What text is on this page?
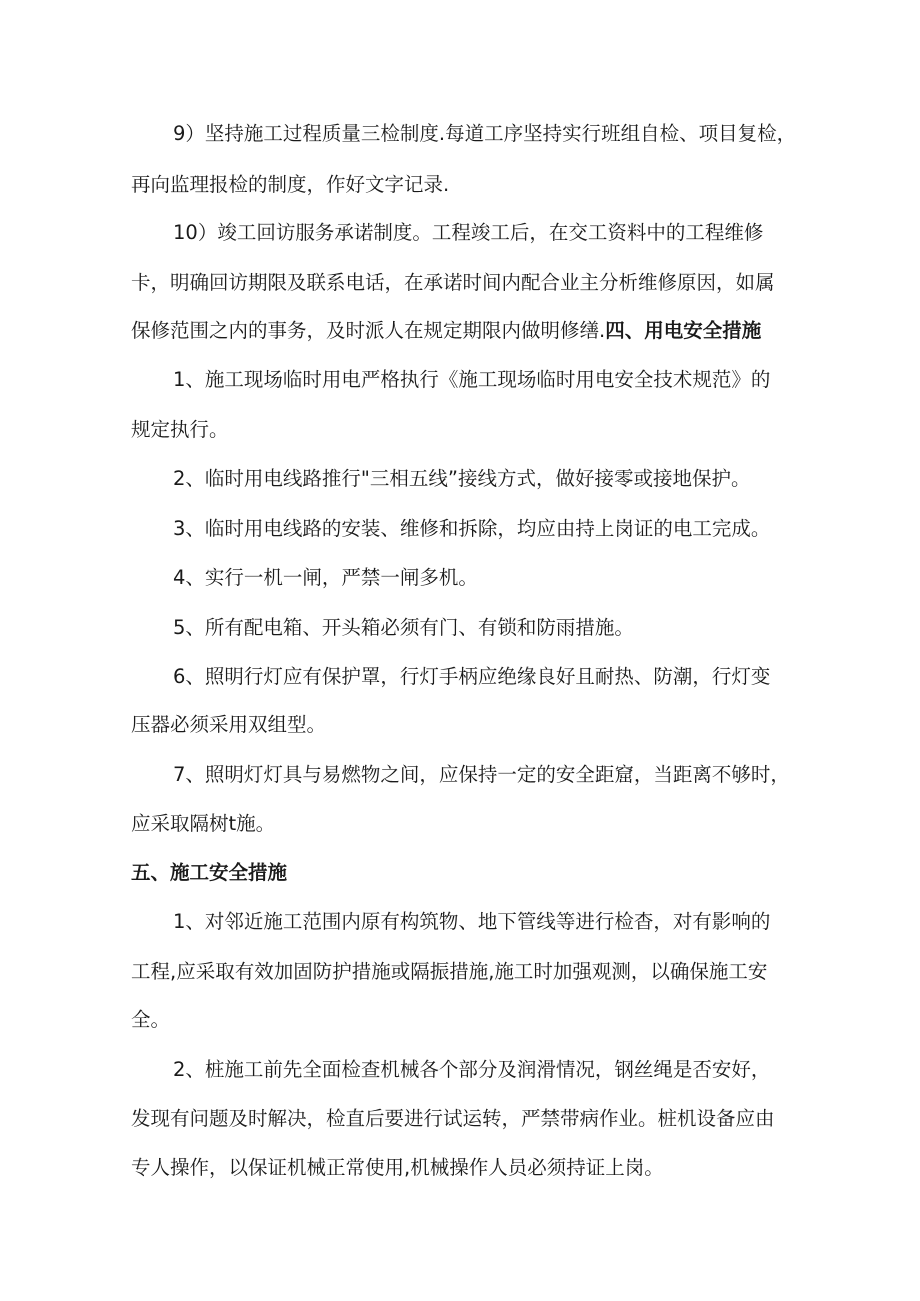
9）坚持施工过程质量三检制度.每道工序坚持实行班组自检、项目复检，
再向监理报检的制度，作好文字记录.
10）竣工回访服务承诺制度。工程竣工后，在交工资料中的工程维修
卡，明确回访期限及联系电话，在承诺时间内配合业主分析维修原因，如属
保修范围之内的事务，及时派人在规定期限内做明修缮.四、用电安全措施
1、施工现场临时用电严格执行《施工现场临时用电安全技术规范》的
规定执行。
2、临时用电线路推行"三相五线”接线方式，做好接零或接地保护。
3、临时用电线路的安装、维修和拆除，均应由持上岗证的电工完成。
4、实行一机一闸，严禁一闸多机。
5、所有配电箱、开头箱必须有门、有锁和防雨措施。
6、照明行灯应有保护罩，行灯手柄应绝缘良好且耐热、防潮，行灯变
压器必须采用双组型。
7、照明灯灯具与易燃物之间，应保持一定的安全距窟，当距离不够时，
应采取隔树t施。
五、施工安全措施
1、对邻近施工范围内原有构筑物、地下管线等进行检杳，对有影响的
工程,应采取有效加固防护措施或隔振措施,施工时加强观测，以确保施工安
全。
2、桩施工前先全面检查机械各个部分及润滑情况，钢丝绳是否安好，
发现有问题及时解决，检直后要进行试运转，严禁带病作业。桩机设备应由
专人操作，以保证机械正常使用,机械操作人员必须持证上岗。
